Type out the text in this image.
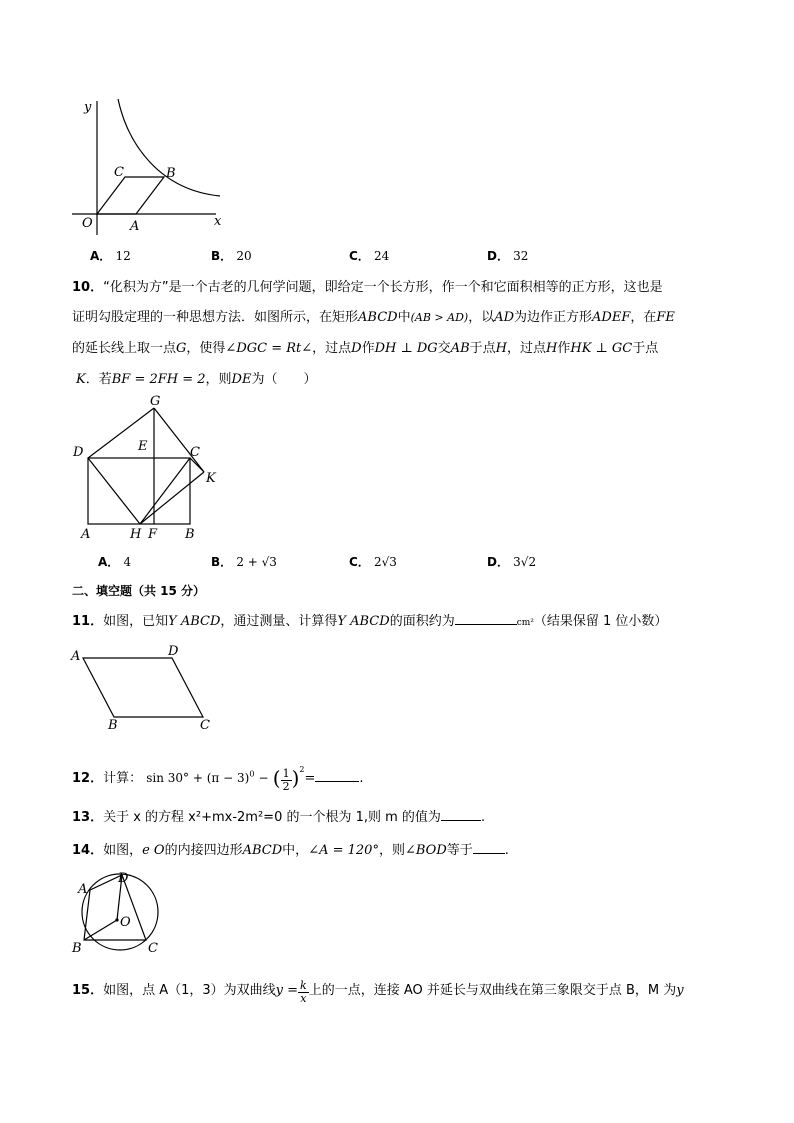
y
x
O	A
B
C
A． 12	B． 20	C． 24	D． 32
10．“化积为方”是一个古老的几何学问题，即给定一个长方形，作一个和它面积相等的正方形，这也是
证明勾股定理的一种思想方法．如图所示，在矩形ABCD中(AB > AD)，以AD为边作正方形ADEF，在FE
的延长线上取一点G，使得∠DGC = Rt∠，过点D作DH ⊥ DG交AB于点H，过点H作HK ⊥ GC于点
K．若BF = 2FH = 2，则DE为（　　）
G
D	E	C
K
A	H F B
A． 4	B． 2 + √3	C． 2√3	D． 3√2
二、填空题（共 15 分）
11．如图，已知Y ABCD，通过测量、计算得Y ABCD的面积约为	cm²（结果保留 1 位小数）
A	D
B	C
12．计算： $\sin 30^\circ + (\pi - 3)^0$ − ( $\frac{1}{2} )^2=$	.
13．关于 x 的方程 x²+mx-2m²=0 的一个根为 1,则 m 的值为	.
14．如图，e O的内接四边形ABCD中，∠A = 120°，则∠BOD等于 .
A
D
O
B	C
15．如图，点 A（1，3）为双曲线$y = \frac{k}{x}$ 上的一点，连接 AO 并延长与双曲线在第三象限交于点 B，M 为y
